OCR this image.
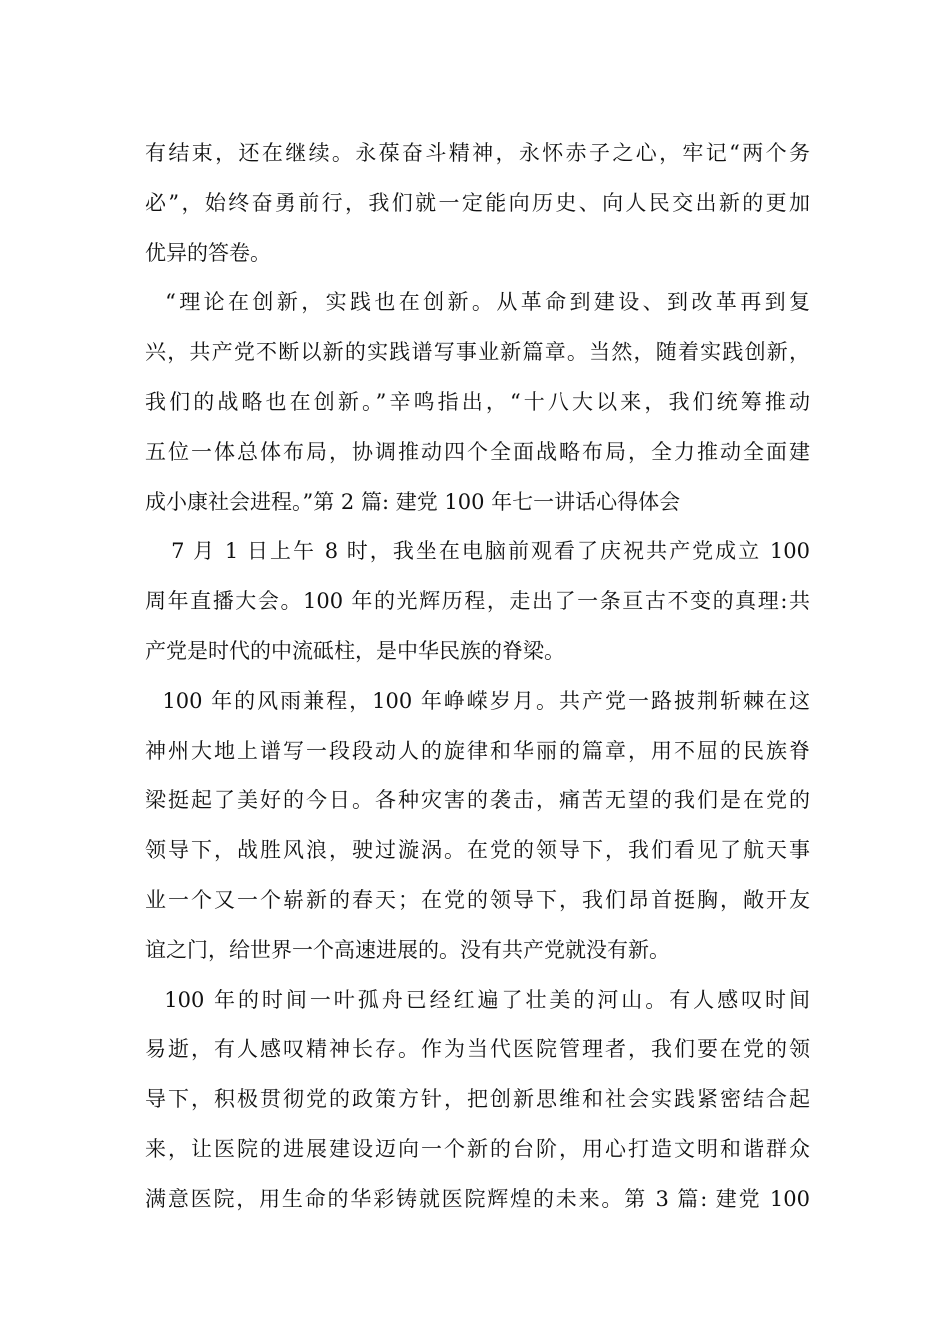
有结束，还在继续。永葆奋斗精神，永怀赤子之心，牢记“两个务
必”，始终奋勇前行，我们就一定能向历史、向人民交出新的更加
优异的答卷。
“理论在创新，实践也在创新。从革命到建设、到改革再到复
兴，共产党不断以新的实践谱写事业新篇章。当然，随着实践创新，
我们的战略也在创新。”辛鸣指出，“十八大以来，我们统筹推动
五位一体总体布局，协调推动四个全面战略布局，全力推动全面建
成小康社会进程。”第 2 篇: 建党 100 年七一讲话心得体会
7 月 1 日上午 8 时，我坐在电脑前观看了庆祝共产党成立 100
周年直播大会。100 年的光辉历程，走出了一条亘古不变的真理:共
产党是时代的中流砥柱，是中华民族的脊梁。
100 年的风雨兼程，100 年峥嵘岁月。共产党一路披荆斩棘在这
神州大地上谱写一段段动人的旋律和华丽的篇章，用不屈的民族脊
梁挺起了美好的今日。各种灾害的袭击，痛苦无望的我们是在党的
领导下，战胜风浪，驶过漩涡。在党的领导下，我们看见了航天事
业一个又一个崭新的春天；在党的领导下，我们昂首挺胸，敞开友
谊之门，给世界一个高速进展的。没有共产党就没有新。
100 年的时间一叶孤舟已经红遍了壮美的河山。有人感叹时间
易逝，有人感叹精神长存。作为当代医院管理者，我们要在党的领
导下，积极贯彻党的政策方针，把创新思维和社会实践紧密结合起
来，让医院的进展建设迈向一个新的台阶，用心打造文明和谐群众
满意医院，用生命的华彩铸就医院辉煌的未来。第 3 篇: 建党 100
